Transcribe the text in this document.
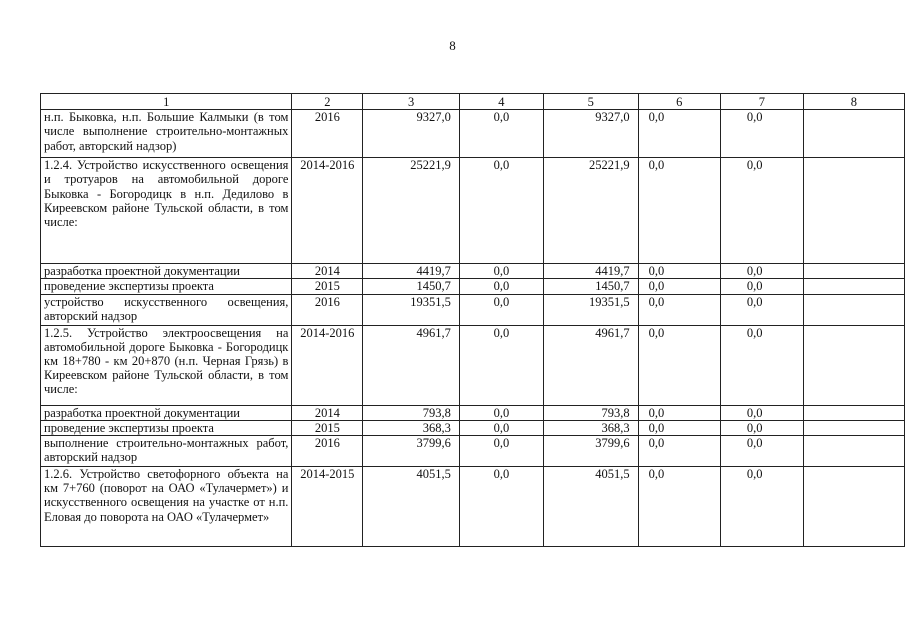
8
1	2	3	4	5	6	7	8
н.п. Быковка, н.п. Большие Калмыки (в том числе выполнение строительно-монтажных работ, авторский надзор)	2016	9327,0	0,0	9327,0	0,0	0,0	
1.2.4. Устройство искусственного освещения и тротуаров на автомобильной дороге Быковка - Богородицк в н.п. Дедилово в Киреевском районе Тульской области, в том числе:	2014-2016	25221,9	0,0	25221,9	0,0	0,0	
разработка проектной документации	2014	4419,7	0,0	4419,7	0,0	0,0	
проведение экспертизы проекта	2015	1450,7	0,0	1450,7	0,0	0,0	
устройство искусственного освещения, авторский надзор	2016	19351,5	0,0	19351,5	0,0	0,0	
1.2.5. Устройство электроосвещения на автомобильной дороге Быковка - Богородицк км 18+780 - км 20+870 (н.п. Черная Грязь) в Киреевском районе Тульской области, в том числе:	2014-2016	4961,7	0,0	4961,7	0,0	0,0	
разработка проектной документации	2014	793,8	0,0	793,8	0,0	0,0	
проведение экспертизы проекта	2015	368,3	0,0	368,3	0,0	0,0	
выполнение строительно-монтажных работ, авторский надзор	2016	3799,6	0,0	3799,6	0,0	0,0	
1.2.6. Устройство светофорного объекта на км 7+760 (поворот на ОАО «Тулачермет») и искусственного освещения на участке от н.п. Еловая до поворота на ОАО «Тулачермет»	2014-2015	4051,5	0,0	4051,5	0,0	0,0	
